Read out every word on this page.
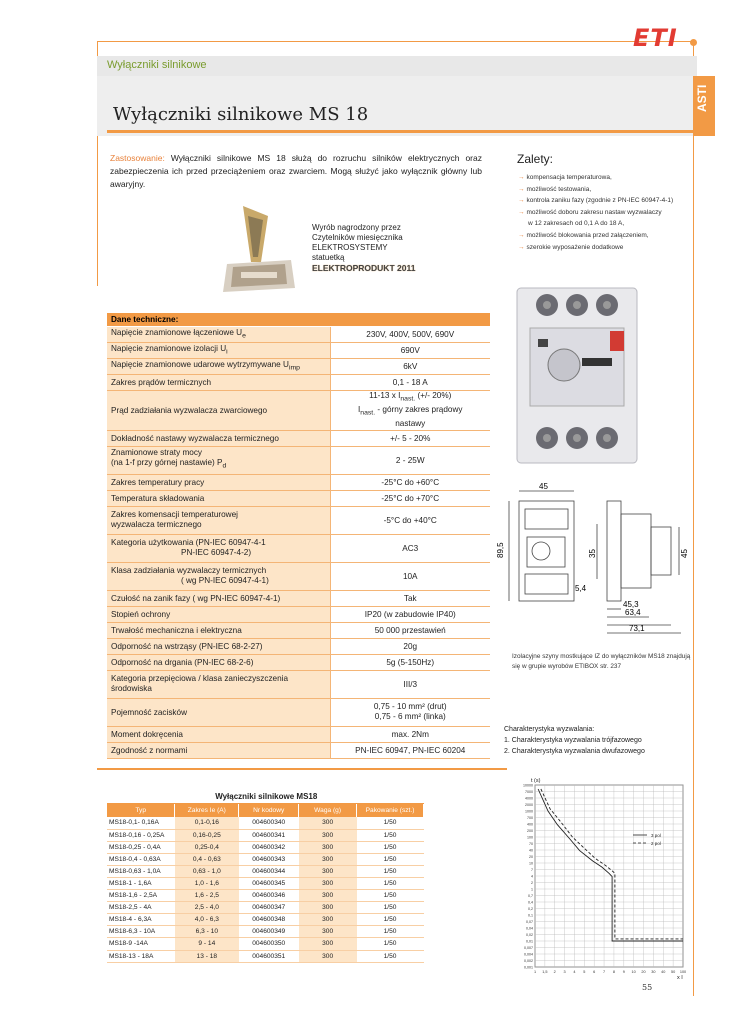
ETI
Wyłączniki silnikowe
ASTI
Wyłączniki silnikowe MS 18
Zastosowanie: Wyłączniki silnikowe MS 18 służą do rozruchu silników elektrycznych oraz zabezpieczenia ich przed przeciążeniem oraz zwarciem. Mogą służyć jako wyłącznik główny lub awaryjny.
Wyrób nagrodzony przez
Czytelników miesięcznika
ELEKTROSYSTEMY
statuetką
ELEKTROPRODUKT 2011
Zalety:
→ kompensacja temperaturowa,
→ możliwość testowania,
→ kontrola zaniku fazy (zgodnie z PN-IEC 60947-4-1)
→ możliwość doboru zakresu nastaw wyzwalaczy
w 12 zakresach od 0,1 A do 18 A,
→ możliwość blokowania przed załączeniem,
→ szerokie wyposażenie dodatkowe
Dane techniczne:	
Napięcie znamionowe łączeniowe $U_e$	230V, 400V, 500V, 690V
Napięcie znamionowe izolacji $U_i$	690V
Napięcie znamionowe udarowe wytrzymywane $U_{imp}$	6kV
Zakres prądów termicznych	0,1 - 18 A
Prąd zadziałania wyzwalacza zwarciowego	11-13 x $I_{nast.}$ (+/- 20%)
$I_{nast.}$ - górny zakres prądowy
nastawy
Dokładność nastawy wyzwalacza termicznego	+/- 5 - 20%
Znamionowe straty mocy
(na 1-f przy górnej nastawie) $P_d$	2 - 25W
Zakres temperatury pracy	-25°C do +60°C
Temperatura składowania	-25°C do +70°C
Zakres komensacji temperaturowej
wyzwalacza termicznego	-5°C do +40°C
Kategoria użytkowania (PN-IEC 60947-4-1
PN-IEC 60947-4-2)	AC3
Klasa zadziałania wyzwalaczy termicznych
( wg PN-IEC 60947-4-1)	10A
Czułość na zanik fazy ( wg PN-IEC 60947-4-1)	Tak
Stopień ochrony	IP20 (w zabudowie IP40)
Trwałość mechaniczna i elektryczna	50 000 przestawień
Odporność na wstrząsy (PN-IEC 68-2-27)	20g
Odporność na drgania (PN-IEC 68-2-6)	5g (5-150Hz)
Kategoria przepięciowa / klasa zanieczyszczenia
środowiska	III/3
Pojemność zacisków	0,75 - 10 mm² (drut)
0,75 - 6 mm² (linka)
Moment dokręcenia	max. 2Nm
Zgodność z normami	PN-IEC 60947, PN-IEC 60204
45
89,5	35	45
5,4
45,3
63,4
73,1
Izolacyjne szyny mostkujące IZ do wyłączników MS18 znajdują się w grupie wyrobów ETIBOX str. 237
Charakterystyka wyzwalania:
1. Charakterystyka wyzwalania trójfazowego
2. Charakterystyka wyzwalania dwufazowego
Wyłączniki silnikowe MS18				
Typ	Zakres Ie (A)	Nr kodowy	Waga (g)	Pakowanie (szt.)
MS18-0,1- 0,16A	0,1-0,16	004600340	300	1/50
MS18-0,16 - 0,25A	0,16-0,25	004600341	300	1/50
MS18-0,25 - 0,4A	0,25-0,4	004600342	300	1/50
MS18-0,4 - 0,63A	0,4 - 0,63	004600343	300	1/50
MS18-0,63 - 1,0A	0,63 - 1,0	004600344	300	1/50
MS18-1 - 1,6A	1,0 - 1,6	004600345	300	1/50
MS18-1,6 - 2,5A	1,6 - 2,5	004600346	300	1/50
MS18-2,5 - 4A	2,5 - 4,0	004600347	300	1/50
MS18-4 - 6,3A	4,0 - 6,3	004600348	300	1/50
MS18-6,3 - 10A	6,3 - 10	004600349	300	1/50
MS18-9 -14A	9 - 14	004600350	300	1/50
MS18-13 - 18A	13 - 18	004600351	300	1/50
10000
7000
4000
2000
1000
700
400
200
100
70
40
20
10
7
4
2
1
0,7
0,4
0,2
0,1
0,07
0,04
0,02
0,01
0,007
0,004
0,002
0,001
1 1,5 2 3 4 5 6 7 8 9 10 20 30 40 50 100
t (s)
x I
3 pol
2 pol
55
